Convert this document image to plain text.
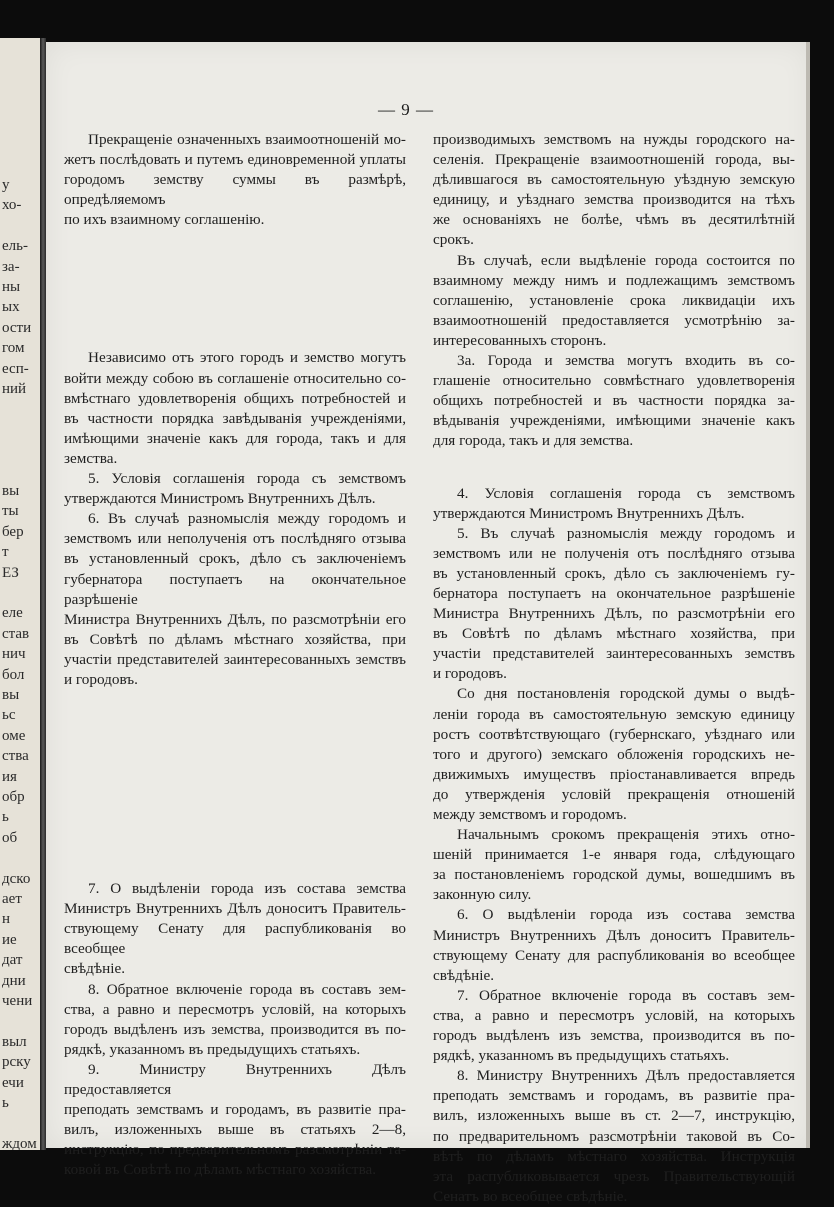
у
хо-
ель-
за-
ны
ых
ости
гом
есп-
ний
вы
ты
бер
т
ЕЗ
еле
став
нич
бол
вы
ьс
оме
ства
ия
обр
ь
об
дско
ает
н
ие
дат
дни
чени
выл
рску
ечи
ь
ждом
— 9 —

Прекращенiе означенныхъ взаимоотношенiй мо-

жетъ послѣдовать и путемъ единовременной уплаты

городомъ земству суммы въ размѣрѣ, опредѣляемомъ

по ихъ взаимному соглашенiю.

Независимо отъ этого городъ и земство могутъ

войти между собою въ соглашенiе относительно со-

вмѣстнаго удовлетворенiя общихъ потребностей и

въ частности порядка завѣдыванiя учрежденiями,

имѣющими значенiе какъ для города, такъ и для

земства.

5. Условiя соглашенiя города съ земствомъ

утверждаются Министромъ Внутреннихъ Дѣлъ.

6. Въ случаѣ разномыслiя между городомъ и

земствомъ или неполученiя отъ послѣдняго отзыва

въ установленный срокъ, дѣло съ заключенiемъ

губернатора поступаетъ на окончательное разрѣшенiе

Министра Внутреннихъ Дѣлъ, по разсмотрѣнiи его

въ Совѣтѣ по дѣламъ мѣстнаго хозяйства, при

участiи представителей заинтересованныхъ земствъ

и городовъ.

7. О выдѣленiи города изъ состава земства

Министръ Внутреннихъ Дѣлъ доноситъ Правитель-

ствующему Сенату для распубликованiя во всеобщее

свѣдѣнiе.

8. Обратное включенiе города въ составъ зем-

ства, а равно и пересмотръ условiй, на которыхъ

городъ выдѣленъ изъ земства, производится въ по-

рядкѣ, указанномъ въ предыдущихъ статьяхъ.

9. Министру Внутреннихъ Дѣлъ предоставляется

преподать земствамъ и городамъ, въ развитiе пра-

вилъ, изложенныхъ выше въ статьяхъ 2—8,

инструкцiю, по предварительномъ разсмотрѣнiи та-

ковой въ Совѣтѣ по дѣламъ мѣстнаго хозяйства.

производимыхъ земствомъ на нужды городского на-

селенiя. Прекращенiе взаимоотношенiй города, вы-

дѣлившагося въ самостоятельную уѣздную земскую

единицу, и уѣзднаго земства производится на тѣхъ

же основанiяхъ не болѣе, чѣмъ въ десятилѣтнiй

срокъ.

Въ случаѣ, если выдѣленiе города состоится по

взаимному между нимъ и подлежащимъ земствомъ

соглашенiю, установленiе срока ликвидацiи ихъ

взаимоотношенiй предоставляется усмотрѣнiю за-

интересованныхъ сторонъ.

3а. Города и земства могутъ входить въ со-

глашенiе относительно совмѣстнаго удовлетворенiя

общихъ потребностей и въ частности порядка за-

вѣдыванiя учрежденiями, имѣющими значенiе какъ

для города, такъ и для земства.

4. Условiя соглашенiя города съ земствомъ

утверждаются Министромъ Внутреннихъ Дѣлъ.

5. Въ случаѣ разномыслiя между городомъ и

земствомъ или не полученiя отъ послѣдняго отзыва

въ установленный срокъ, дѣло съ заключенiемъ гу-

бернатора поступаетъ на окончательное разрѣшенiе

Министра Внутреннихъ Дѣлъ, по разсмотрѣнiи его

въ Совѣтѣ по дѣламъ мѣстнаго хозяйства, при

участiи представителей заинтересованныхъ земствъ

и городовъ.

Со дня постановленiя городской думы о выдѣ-

ленiи города въ самостоятельную земскую единицу

ростъ соотвѣтствующаго (губернскаго, уѣзднаго или

того и другого) земскаго обложенiя городскихъ не-

движимыхъ имуществъ прiостанавливается впредь

до утвержденiя условiй прекращенiя отношенiй

между земствомъ и городомъ.

Начальнымъ срокомъ прекращенiя этихъ отно-

шенiй принимается 1-е января года, слѣдующаго

за постановленiемъ городской думы, вошедшимъ въ

законную силу.

6. О выдѣленiи города изъ состава земства

Министръ Внутреннихъ Дѣлъ доноситъ Правитель-

ствующему Сенату для распубликованiя во всеобщее

свѣдѣнiе.

7. Обратное включенiе города въ составъ зем-

ства, а равно и пересмотръ условiй, на которыхъ

городъ выдѣленъ изъ земства, производится въ по-

рядкѣ, указанномъ въ предыдущихъ статьяхъ.

8. Министру Внутреннихъ Дѣлъ предоставляется

преподать земствамъ и городамъ, въ развитiе пра-

вилъ, изложенныхъ выше въ ст. 2—7, инструкцiю,

по предварительномъ разсмотрѣнiи таковой въ Со-

вѣтѣ по дѣламъ мѣстнаго хозяйства. Инструкцiя

эта распубликовывается чрезъ Правительствующiй

Сенатъ во всеобщее свѣдѣнiе.
